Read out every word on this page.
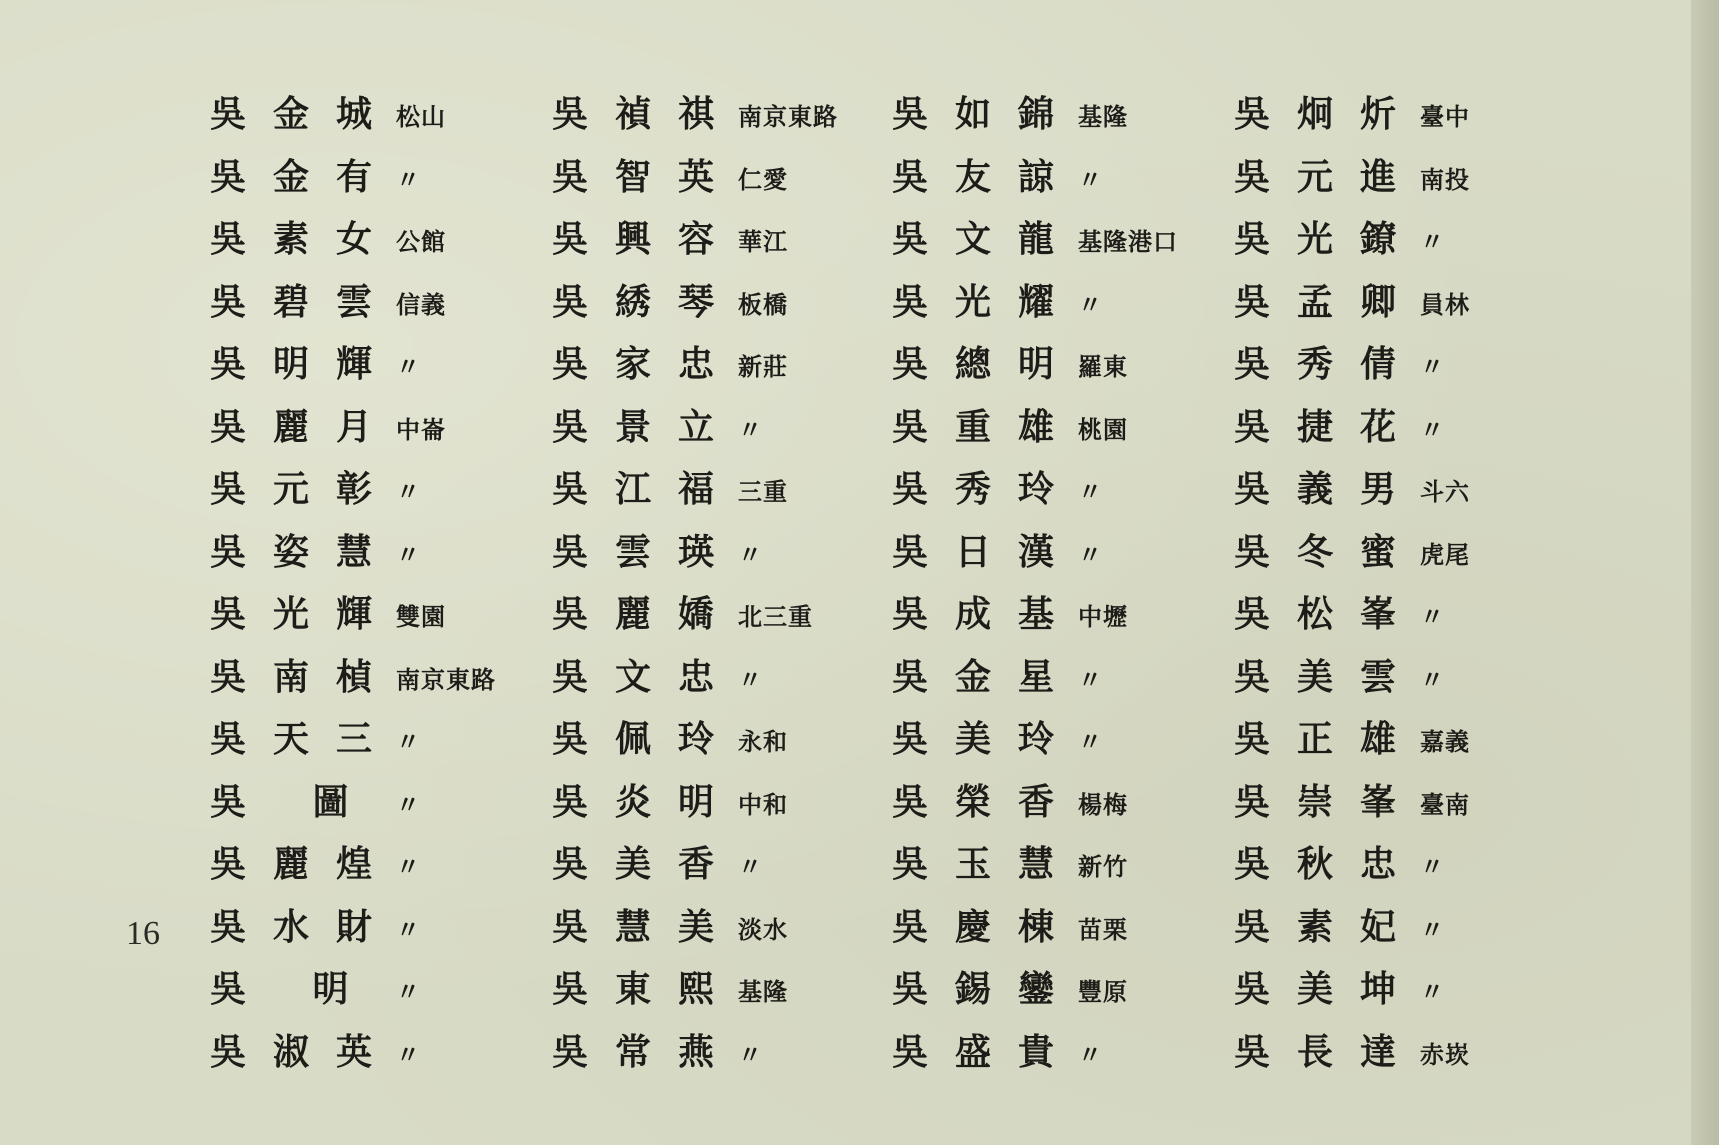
16
吳金城
松山
吳金有
〃
吳素女
公館
吳碧雲
信義
吳明輝
〃
吳麗月
中崙
吳元彰
〃
吳姿慧
〃
吳光輝
雙園
吳南楨
南京東路
吳天三
〃
吳 圖 〃
吳麗煌
〃
吳水財
〃
吳 明 〃
吳淑英
〃
吳禎祺
南京東路
吳智英
仁愛
吳興容
華江
吳綉琴
板橋
吳家忠
新莊
吳景立
〃
吳江福
三重
吳雲瑛
〃
吳麗嬌
北三重
吳文忠
〃
吳佩玲
永和
吳炎明
中和
吳美香
〃
吳慧美
淡水
吳東熙
基隆
吳常燕
〃
吳如錦
基隆
吳友諒
〃
吳文龍
基隆港口
吳光耀
〃
吳總明
羅東
吳重雄
桃園
吳秀玲
〃
吳日漢
〃
吳成基
中壢
吳金星
〃
吳美玲
〃
吳榮香
楊梅
吳玉慧
新竹
吳慶棟
苗栗
吳錫鑾
豐原
吳盛貴
〃
吳炯炘
臺中
吳元進
南投
吳光鐐
〃
吳孟卿
員林
吳秀倩
〃
吳捷花
〃
吳義男
斗六
吳冬蜜
虎尾
吳松峯
〃
吳美雲
〃
吳正雄
嘉義
吳崇峯
臺南
吳秋忠
〃
吳素妃
〃
吳美坤
〃
吳長達
赤崁
